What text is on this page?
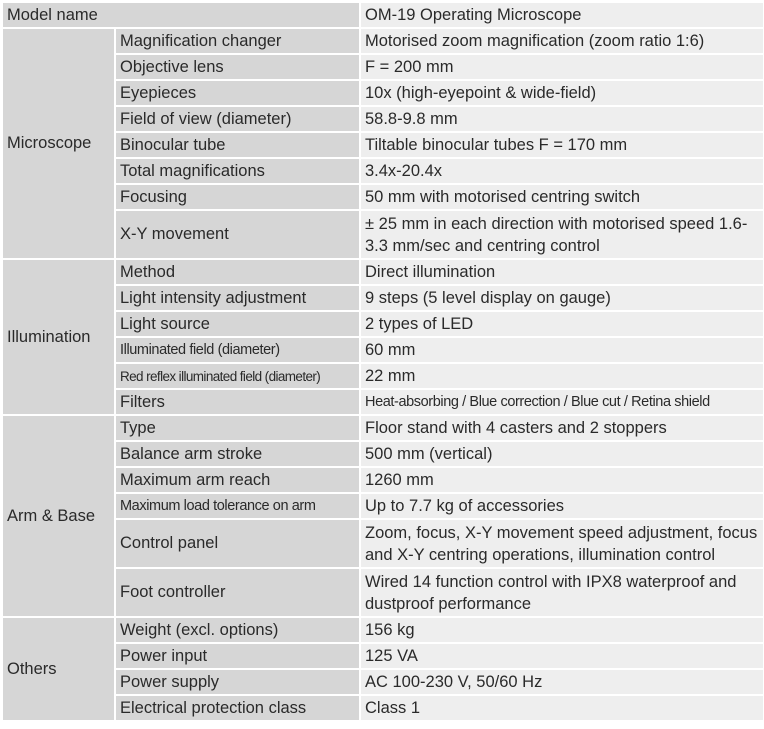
Model name		OM-19 Operating Microscope
Microscope	Magnification changer	Motorised zoom magnification (zoom ratio 1:6)
	Objective lens	F = 200 mm
	Eyepieces	10x (high-eyepoint & wide-field)
	Field of view (diameter)	58.8-9.8 mm
	Binocular tube	Tiltable binocular tubes F = 170 mm
	Total magnifications	3.4x-20.4x
	Focusing	50 mm with motorised centring switch
	X-Y movement	± 25 mm in each direction with motorised speed 1.6-3.3 mm/sec and centring control
Illumination	Method	Direct illumination
	Light intensity adjustment	9 steps (5 level display on gauge)
	Light source	2 types of LED
	Illuminated field (diameter)	60 mm
	Red reflex illuminated field (diameter)	22 mm
	Filters	Heat-absorbing / Blue correction / Blue cut / Retina shield
Arm & Base	Type	Floor stand with 4 casters and 2 stoppers
	Balance arm stroke	500 mm (vertical)
	Maximum arm reach	1260 mm
	Maximum load tolerance on arm	Up to 7.7 kg of accessories
	Control panel	Zoom, focus, X-Y movement speed adjustment, focus and X-Y centring operations, illumination control
	Foot controller	Wired 14 function control with IPX8 waterproof and dustproof performance
Others	Weight (excl. options)	156 kg
	Power input	125 VA
	Power supply	AC 100-230 V, 50/60 Hz
	Electrical protection class	Class 1
